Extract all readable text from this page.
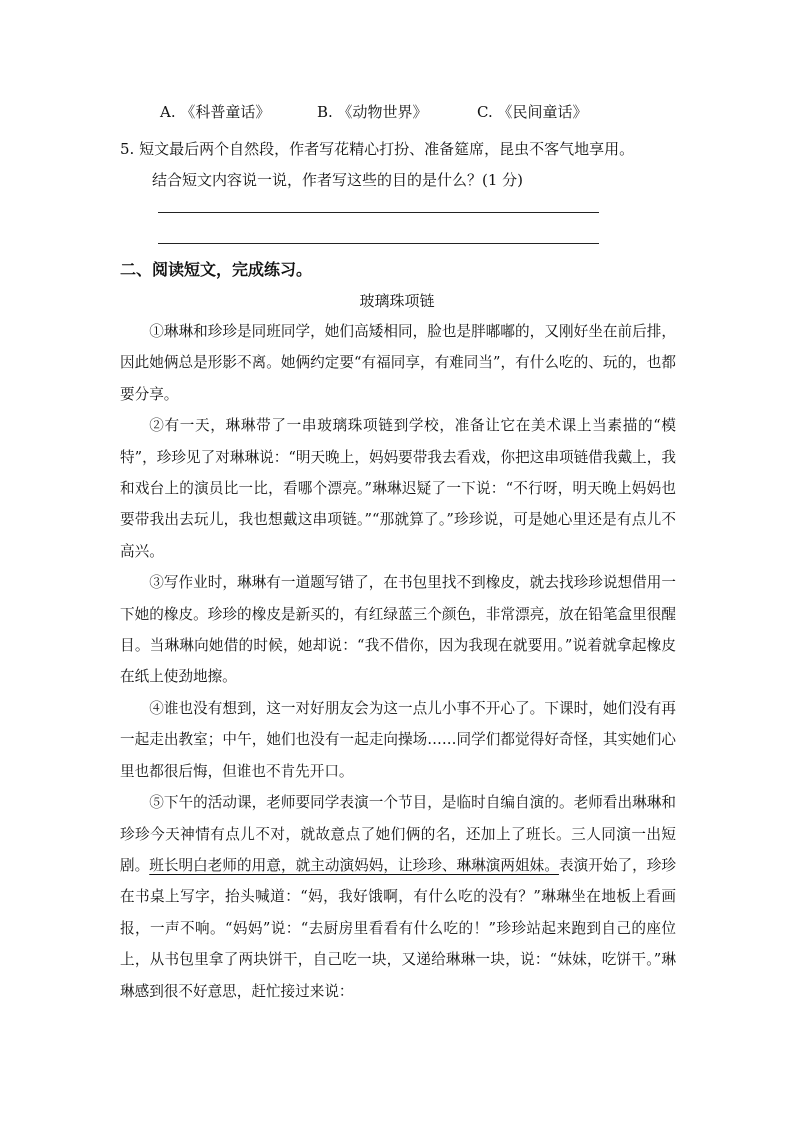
A. 《科普童话》	B. 《动物世界》	C. 《民间童话》
5. 短文最后两个自然段，作者写花精心打扮、准备筵席，昆虫不客气地享用。
结合短文内容说一说，作者写这些的目的是什么？(1 分)
二、阅读短文，完成练习。
玻璃珠项链

①琳琳和珍珍是同班同学，她们高矮相同，脸也是胖嘟嘟的，又刚好坐在前后排，因此她俩总是形影不离。她俩约定要“有福同享，有难同当”，有什么吃的、玩的，也都要分享。

②有一天，琳琳带了一串玻璃珠项链到学校，准备让它在美术课上当素描的“模特”，珍珍见了对琳琳说：“明天晚上，妈妈要带我去看戏，你把这串项链借我戴上，我和戏台上的演员比一比，看哪个漂亮。”琳琳迟疑了一下说：“不行呀，明天晚上妈妈也要带我出去玩儿，我也想戴这串项链。”“那就算了。”珍珍说，可是她心里还是有点儿不高兴。

③写作业时，琳琳有一道题写错了，在书包里找不到橡皮，就去找珍珍说想借用一下她的橡皮。珍珍的橡皮是新买的，有红绿蓝三个颜色，非常漂亮，放在铅笔盒里很醒目。当琳琳向她借的时候，她却说：“我不借你，因为我现在就要用。”说着就拿起橡皮在纸上使劲地擦。

④谁也没有想到，这一对好朋友会为这一点儿小事不开心了。下课时，她们没有再一起走出教室；中午，她们也没有一起走向操场……同学们都觉得好奇怪，其实她们心里也都很后悔，但谁也不肯先开口。

⑤下午的活动课，老师要同学表演一个节目，是临时自编自演的。老师看出琳琳和珍珍今天神情有点儿不对，就故意点了她们俩的名，还加上了班长。三人同演一出短剧。班长明白老师的用意，就主动演妈妈，让珍珍、琳琳演两姐妹。表演开始了，珍珍在书桌上写字，抬头喊道：“妈，我好饿啊，有什么吃的没有？”琳琳坐在地板上看画报，一声不响。“妈妈”说：“去厨房里看看有什么吃的！”珍珍站起来跑到自己的座位上，从书包里拿了两块饼干，自己吃一块，又递给琳琳一块，说：“妹妹，吃饼干。”琳琳感到很不好意思，赶忙接过来说：
